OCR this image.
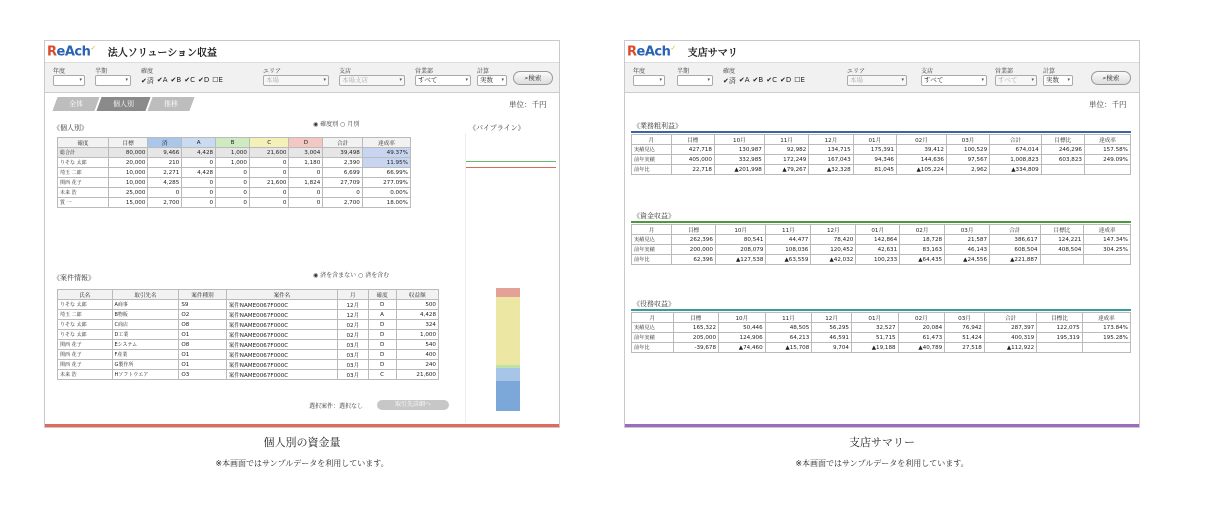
ReAch✓
法人ソリューション収益
年度
▾
半期
▾
確度
✔済 ✔A ✔B ✔C ✔D ☐E
エリア
本場	▾
支店
本場支店	▾
営業部
すべて	▾
計算
実数 ▾	⌕検索
全体	個人別	推移	単位：千円
《個人別》	◉ 確度別 ○ 月別
確度	目標	済	A	B	C	D	合計	達成率
総合計	80,000	9,466	4,428	1,000	21,600	3,004	39,498	49.37%
りそな 太郎	20,000	210	0	1,000	0	1,180	2,390	11.95%
埼玉 二郎	10,000	2,271	4,428	0	0	0	6,699	66.99%
関西 花子	10,000	4,285	0	0	21,600	1,824	27,709	277.09%
未来 浩	25,000	0	0	0	0	0	0	0.00%
質 一	15,000	2,700	0	0	0	0	2,700	18.00%
《パイプライン》
《案件情報》	◉ 済を含まない ○ 済を含む
氏名	取引先名	案件種別	案件名	月	確度	収益額
りそな 太郎	A商事	S9	案件NAME0067F000C	12月	D	500
埼玉 二郎	B物販	O2	案件NAME0067F000C	12月	A	4,428
りそな 太郎	C商店	O8	案件NAME0067F000C	02月	D	324
りそな 太郎	D工業	O1	案件NAME0067F000C	02月	D	1,000
関西 花子	Eシステム	O8	案件NAME0067F000C	03月	D	540
関西 花子	F産業	O1	案件NAME0067F000C	03月	D	400
関西 花子	G製作所	O1	案件NAME0067F000C	03月	D	240
未来 浩	Hソフトウエア	O3	案件NAME0067F000C	03月	C	21,600
選択案件：選択なし	取引先詳細へ
個人別の資金量
※本画面ではサンプルデータを利用しています。
ReAch✓
支店サマリ
年度
▾
半期
▾
確度
✔済 ✔A ✔B ✔C ✔D ☐E
エリア
本場	▾
支店
すべて	▾
営業部
すべて	▾
計算
実数 ▾	⌕検索
単位：千円
《業務粗利益》
月	目標	10月	11月	12月	01月	02月	03月	合計	目標比	達成率
実績見込	427,718	130,987	92,982	134,715	175,391	39,412	100,529	674,014	246,296	157.58%
前年実績	405,000	332,985	172,249	167,043	94,346	144,636	97,567	1,008,823	603,823	249.09%
前年比	22,718	▲201,998	▲79,267	▲32,328	81,045	▲105,224	2,962	▲334,809		
《資金収益》
月	目標	10月	11月	12月	01月	02月	03月	合計	目標比	達成率
実績見込	262,396	80,541	44,477	78,420	142,864	18,728	21,587	386,617	124,221	147.34%
前年実績	200,000	208,079	108,036	120,452	42,631	83,163	46,143	608,504	408,504	304.25%
前年比	62,396	▲127,538	▲63,559	▲42,032	100,233	▲64,435	▲24,556	▲221,887		
《役務収益》
月	目標	10月	11月	12月	01月	02月	03月	合計	目標比	達成率
実績見込	165,322	50,446	48,505	56,295	32,527	20,084	76,942	287,397	122,075	173.84%
前年実績	205,000	124,906	64,213	46,591	51,715	61,473	51,424	400,319	195,319	195.28%
前年比	-39,678	▲74,460	▲15,708	9,704	▲19,188	▲40,789	27,518	▲112,922		
支店サマリー
※本画面ではサンプルデータを利用しています。
